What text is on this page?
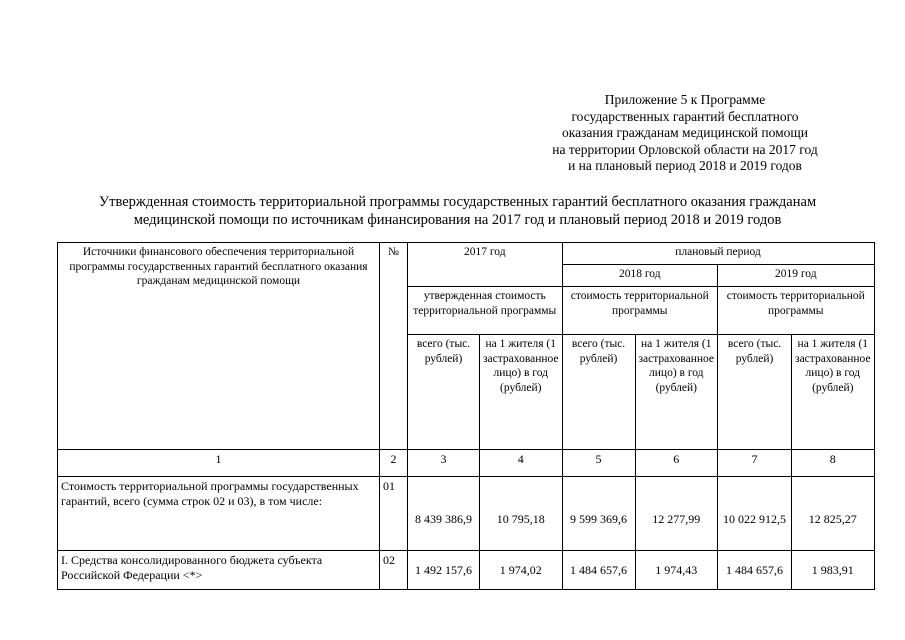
Приложение 5 к Программе
государственных гарантий бесплатного
оказания гражданам медицинской помощи
на территории Орловской области на 2017 год
и на плановый период 2018 и 2019 годов
Утвержденная стоимость территориальной программы государственных гарантий бесплатного оказания гражданам
медицинской помощи по источникам финансирования на 2017 год и плановый период 2018 и 2019 годов
Источники финансового обеспечения территориальной программы государственных гарантий бесплатного оказания гражданам медицинской помощи	№	2017 год		плановый период			
				2018 год		2019 год	
		утвержденная стоимость территориальной программы		стоимость территориальной программы		стоимость территориальной программы	
		всего (тыс. рублей)	на 1 жителя (1 застрахованное лицо) в год (рублей)	всего (тыс. рублей)	на 1 жителя (1 застрахованное лицо) в год (рублей)	всего (тыс. рублей)	на 1 жителя (1 застрахованное лицо) в год (рублей)
1	2	3	4	5	6	7	8
Стоимость территориальной программы государственных гарантий, всего (сумма строк 02 и 03), в том числе:	01	8 439 386,9	10 795,18	9 599 369,6	12 277,99	10 022 912,5	12 825,27
I. Средства консолидированного бюджета субъекта Российской Федерации <*>	02	1 492 157,6	1 974,02	1 484 657,6	1 974,43	1 484 657,6	1 983,91
